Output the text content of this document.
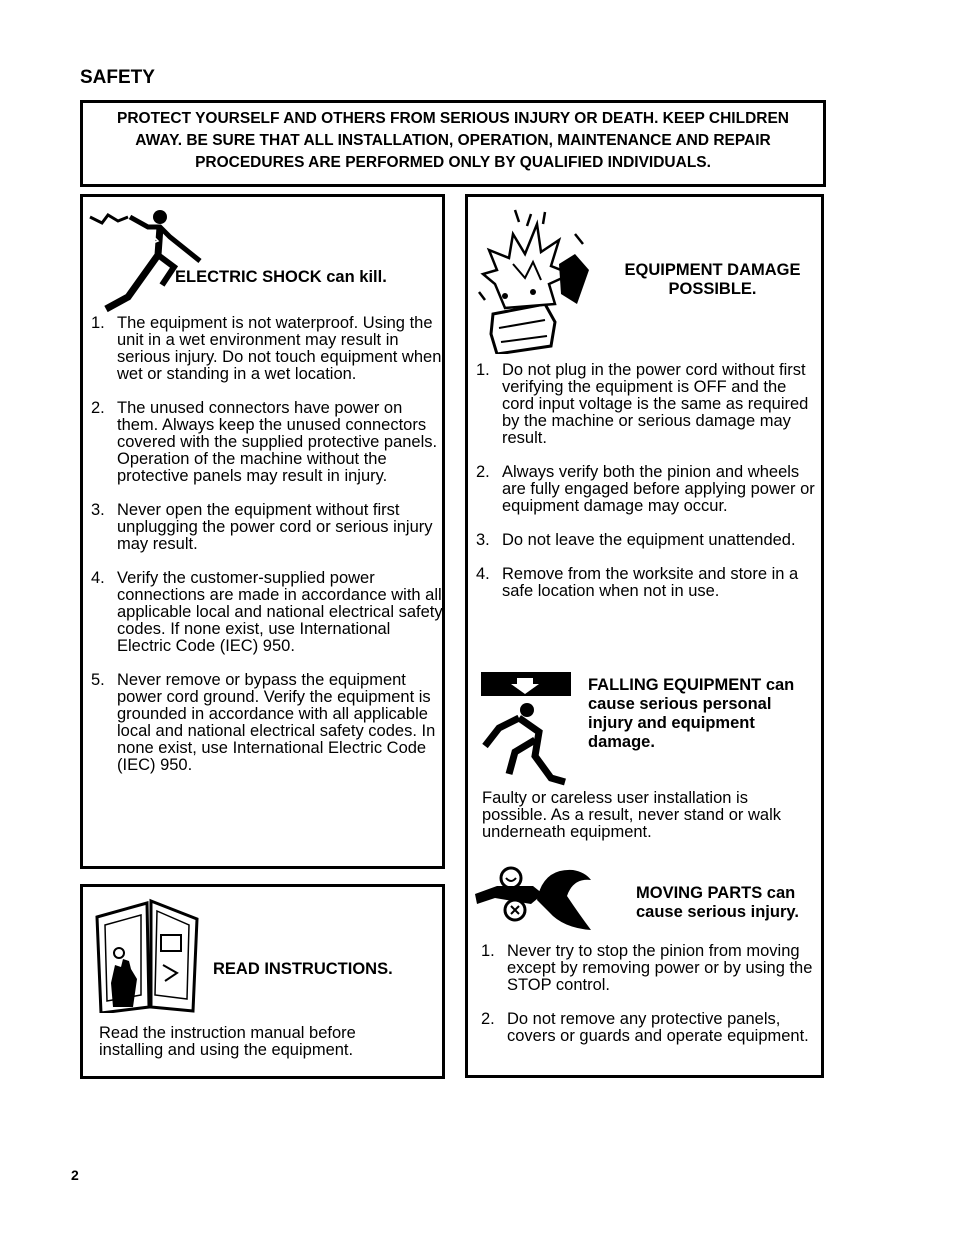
SAFETY
PROTECT YOURSELF AND OTHERS FROM SERIOUS INJURY OR DEATH. KEEP CHILDREN AWAY. BE SURE THAT ALL INSTALLATION, OPERATION, MAINTENANCE AND REPAIR PROCEDURES ARE PERFORMED ONLY BY QUALIFIED INDIVIDUALS.
ELECTRIC SHOCK can kill.
1. The equipment is not waterproof. Using the unit in a wet environment may result in serious injury. Do not touch equipment when wet or standing in a wet location.
2. The unused connectors have power on them. Always keep the unused connectors covered with the supplied protective panels. Operation of the machine without the protective panels may result in injury.
3. Never open the equipment without first unplugging the power cord or serious injury may result.
4. Verify the customer-supplied power connections are made in accordance with all applicable local and national electrical safety codes. If none exist, use International Electric Code (IEC) 950.
5. Never remove or bypass the equipment power cord ground. Verify the equipment is grounded in accordance with all applicable local and national electrical safety codes. In none exist, use International Electric Code (IEC) 950.
READ INSTRUCTIONS.
Read the instruction manual before installing and using the equipment.
EQUIPMENT DAMAGE POSSIBLE.
1. Do not plug in the power cord without first verifying the equipment is OFF and the cord input voltage is the same as required by the machine or serious damage may result.
2. Always verify both the pinion and wheels are fully engaged before applying power or equipment damage may occur.
3. Do not leave the equipment unattended.
4. Remove from the worksite and store in a safe location when not in use.
FALLING EQUIPMENT can cause serious personal injury and equipment damage.
Faulty or careless user installation is possible. As a result, never stand or walk underneath equipment.
MOVING PARTS can cause serious injury.
1. Never try to stop the pinion from moving except by removing power or by using the STOP control.
2. Do not remove any protective panels, covers or guards and operate equipment.
2
